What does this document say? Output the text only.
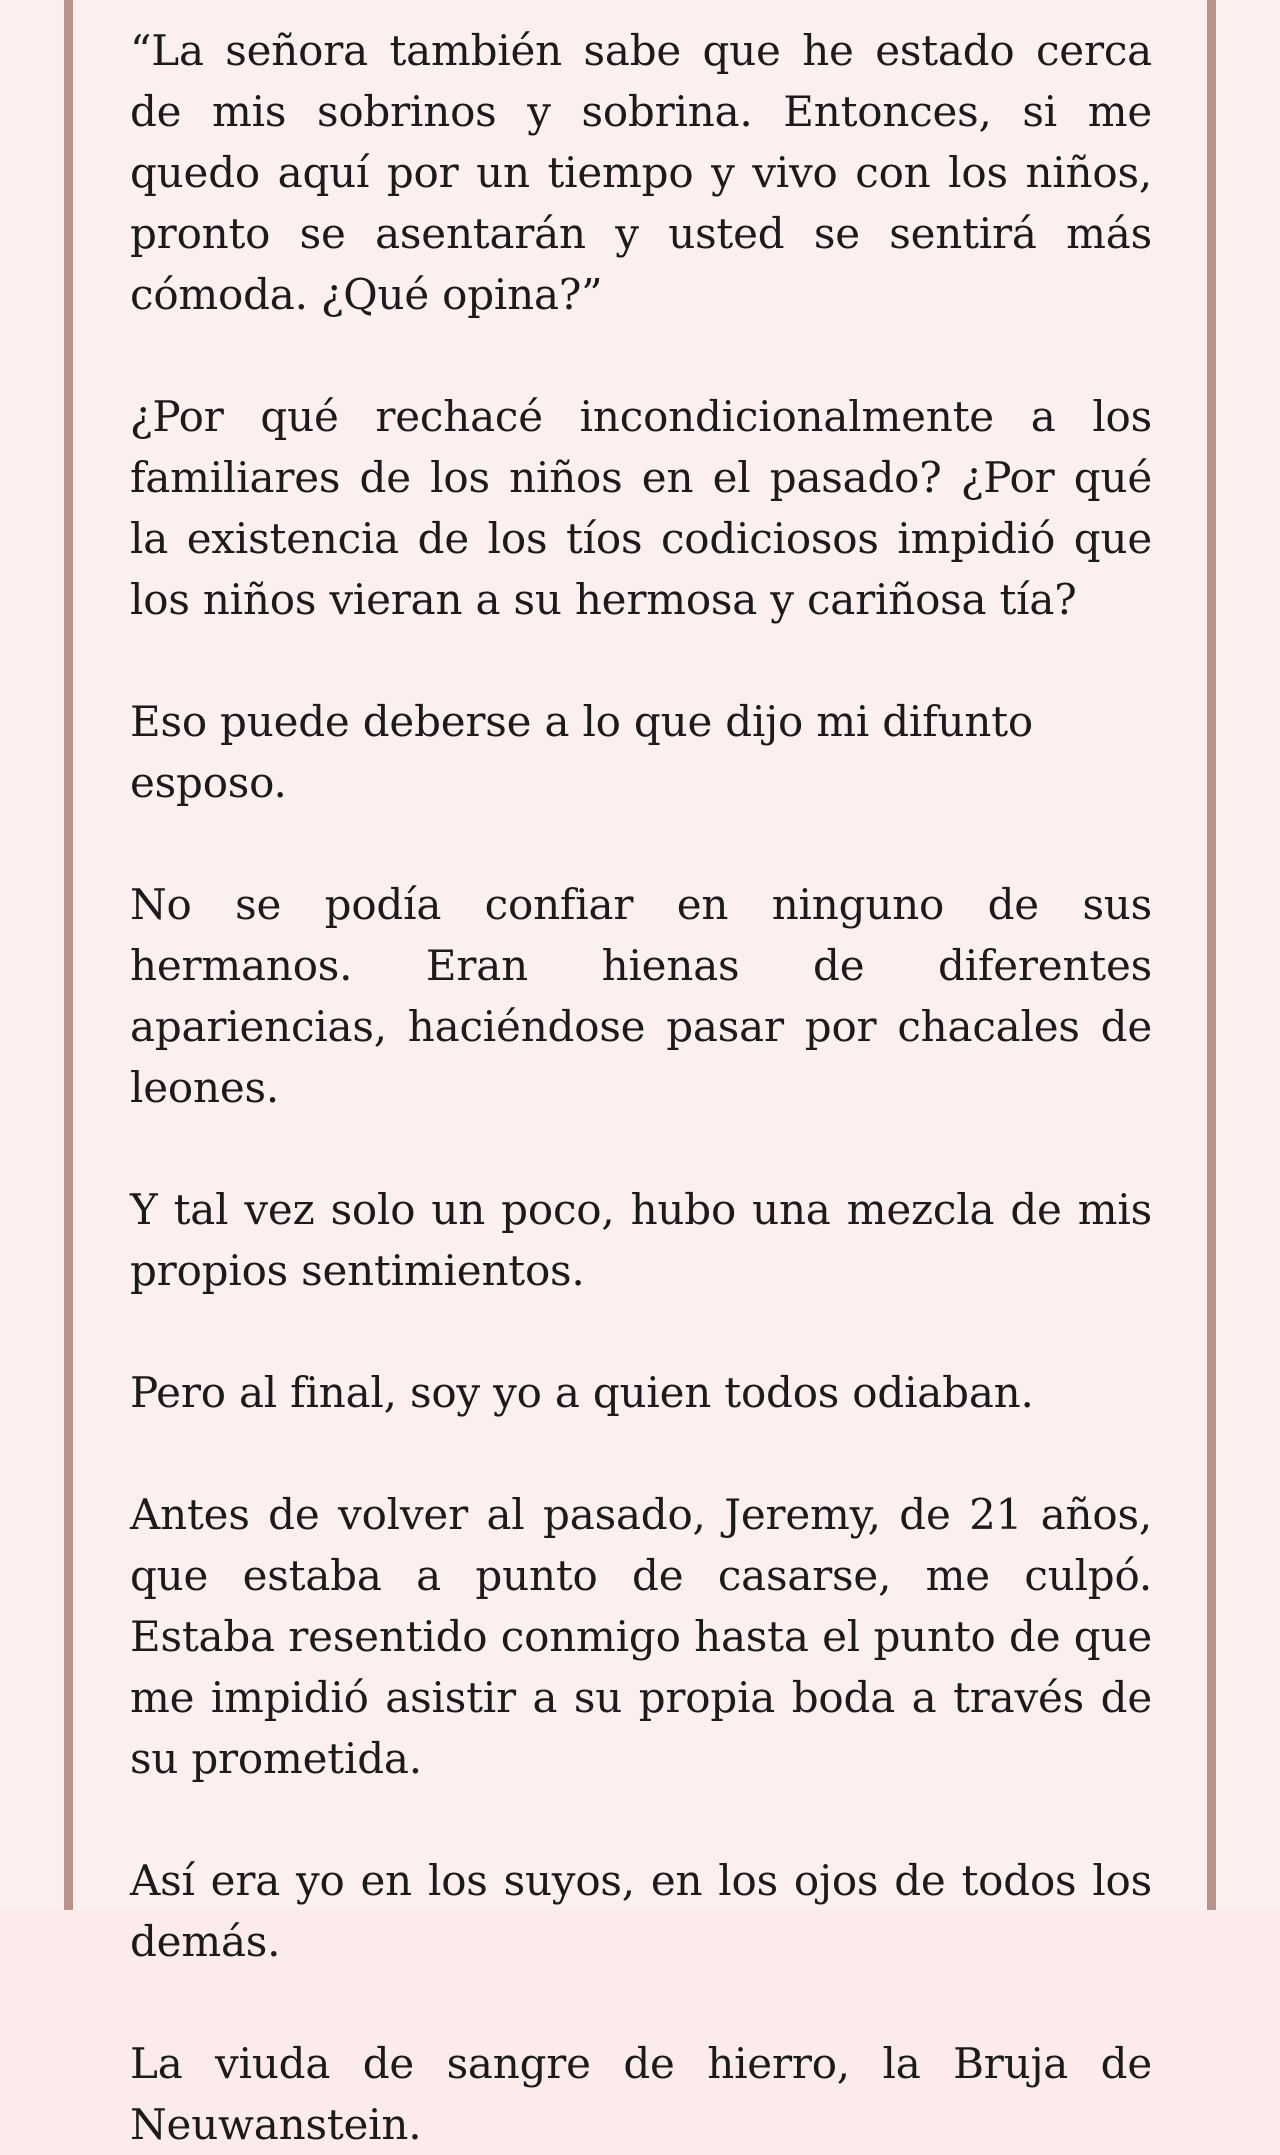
“La señora también sabe que he estado cerca de mis sobrinos y sobrina. Entonces, si me quedo aquí por un tiempo y vivo con los niños, pronto se asentarán y usted se sentirá más cómoda. ¿Qué opina?”

¿Por qué rechacé incondicionalmente a los familiares de los niños en el pasado? ¿Por qué la existencia de los tíos codiciosos impidió que los niños vieran a su hermosa y cariñosa tía?

Eso puede deberse a lo que dijo mi difunto esposo.

No se podía confiar en ninguno de sus hermanos. Eran hienas de diferentes apariencias, haciéndose pasar por chacales de leones.

Y tal vez solo un poco, hubo una mezcla de mis propios sentimientos.

Pero al final, soy yo a quien todos odiaban.

Antes de volver al pasado, Jeremy, de 21 años, que estaba a punto de casarse, me culpó. Estaba resentido conmigo hasta el punto de que me impidió asistir a su propia boda a través de su prometida.

Así era yo en los suyos, en los ojos de todos los demás.

La viuda de sangre de hierro, la Bruja de Neuwanstein.
